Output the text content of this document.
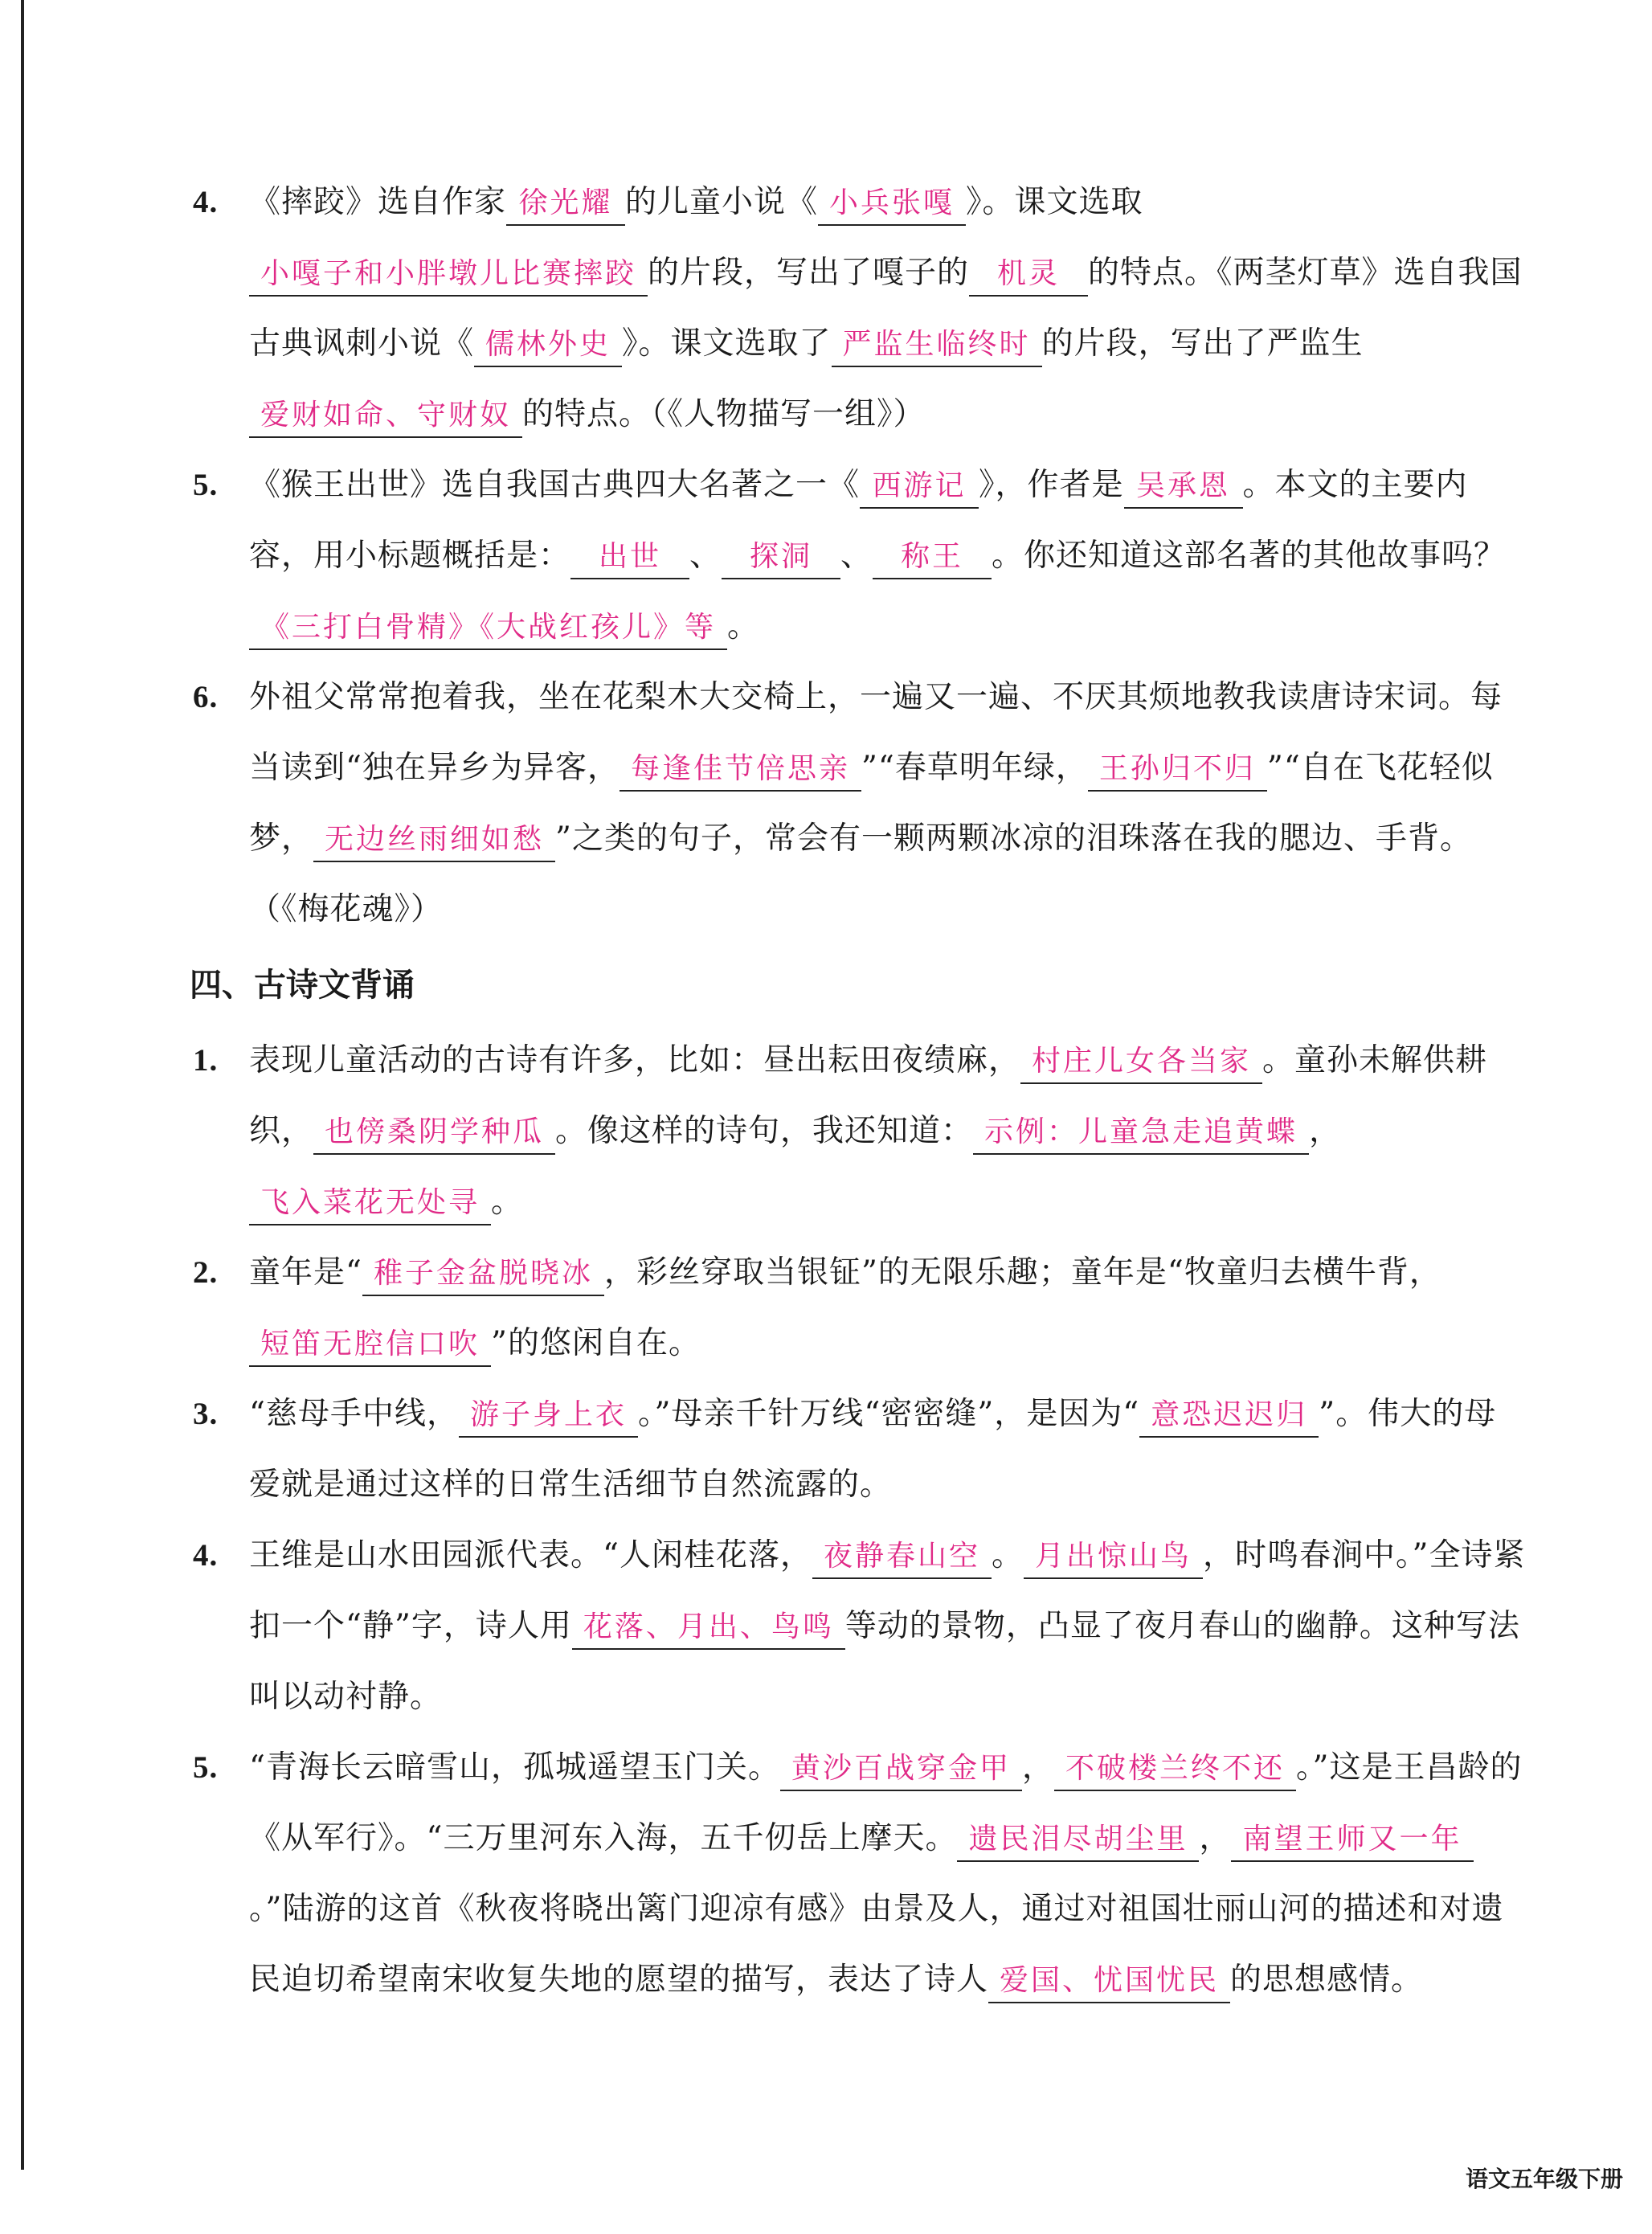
4. 《摔跤》选自作家 徐光耀 的儿童小说《 小兵张嘎 》。课文选取小嘎子和小胖墩儿比赛摔跤 的片段，写出了嘎子的 机灵 的特点。《两茎灯草》选自我国古典讽刺小说《 儒林外史 》。课文选取了 严监生临终时 的片段，写出了严监生爱财如命、守财奴 的特点。（《人物描写一组》）

5. 《猴王出世》选自我国古典四大名著之一《 西游记 》，作者是 吴承恩 。本文的主要内容，用小标题概括是： 出世 、 探洞 、 称王 。你还知道这部名著的其他故事吗？《三打白骨精》《大战红孩儿》等 。

6. 外祖父常常抱着我，坐在花梨木大交椅上，一遍又一遍、不厌其烦地教我读唐诗宋词。每当读到“独在异乡为异客， 每逢佳节倍思亲 ”“春草明年绿， 王孙归不归 ”“自在飞花轻似梦， 无边丝雨细如愁 ”之类的句子，常会有一颗两颗冰凉的泪珠落在我的腮边、手背。（《梅花魂》）

四、古诗文背诵

1. 表现儿童活动的古诗有许多，比如：昼出耘田夜绩麻， 村庄儿女各当家 。童孙未解供耕织， 也傍桑阴学种瓜 。像这样的诗句，我还知道： 示例：儿童急走追黄蝶 ，飞入菜花无处寻 。

2. 童年是“ 稚子金盆脱晓冰 ，彩丝穿取当银钲”的无限乐趣；童年是“牧童归去横牛背，短笛无腔信口吹 ”的悠闲自在。

3. “慈母手中线， 游子身上衣 。”母亲千针万线“密密缝”，是因为“ 意恐迟迟归 ”。伟大的母爱就是通过这样的日常生活细节自然流露的。

4. 王维是山水田园派代表。“人闲桂花落， 夜静春山空 。 月出惊山鸟 ，时鸣春涧中。”全诗紧扣一个“静”字，诗人用 花落、月出、鸟鸣 等动的景物，凸显了夜月春山的幽静。这种写法叫以动衬静。

5. “青海长云暗雪山，孤城遥望玉门关。 黄沙百战穿金甲 ， 不破楼兰终不还 。”这是王昌龄的《从军行》。“三万里河东入海，五千仞岳上摩天。 遗民泪尽胡尘里 ， 南望王师又一年。”陆游的这首《秋夜将晓出篱门迎凉有感》由景及人，通过对祖国壮丽山河的描述和对遗民迫切希望南宋收复失地的愿望的描写，表达了诗人 爱国、忧国忧民 的思想感情。

语文五年级下册
